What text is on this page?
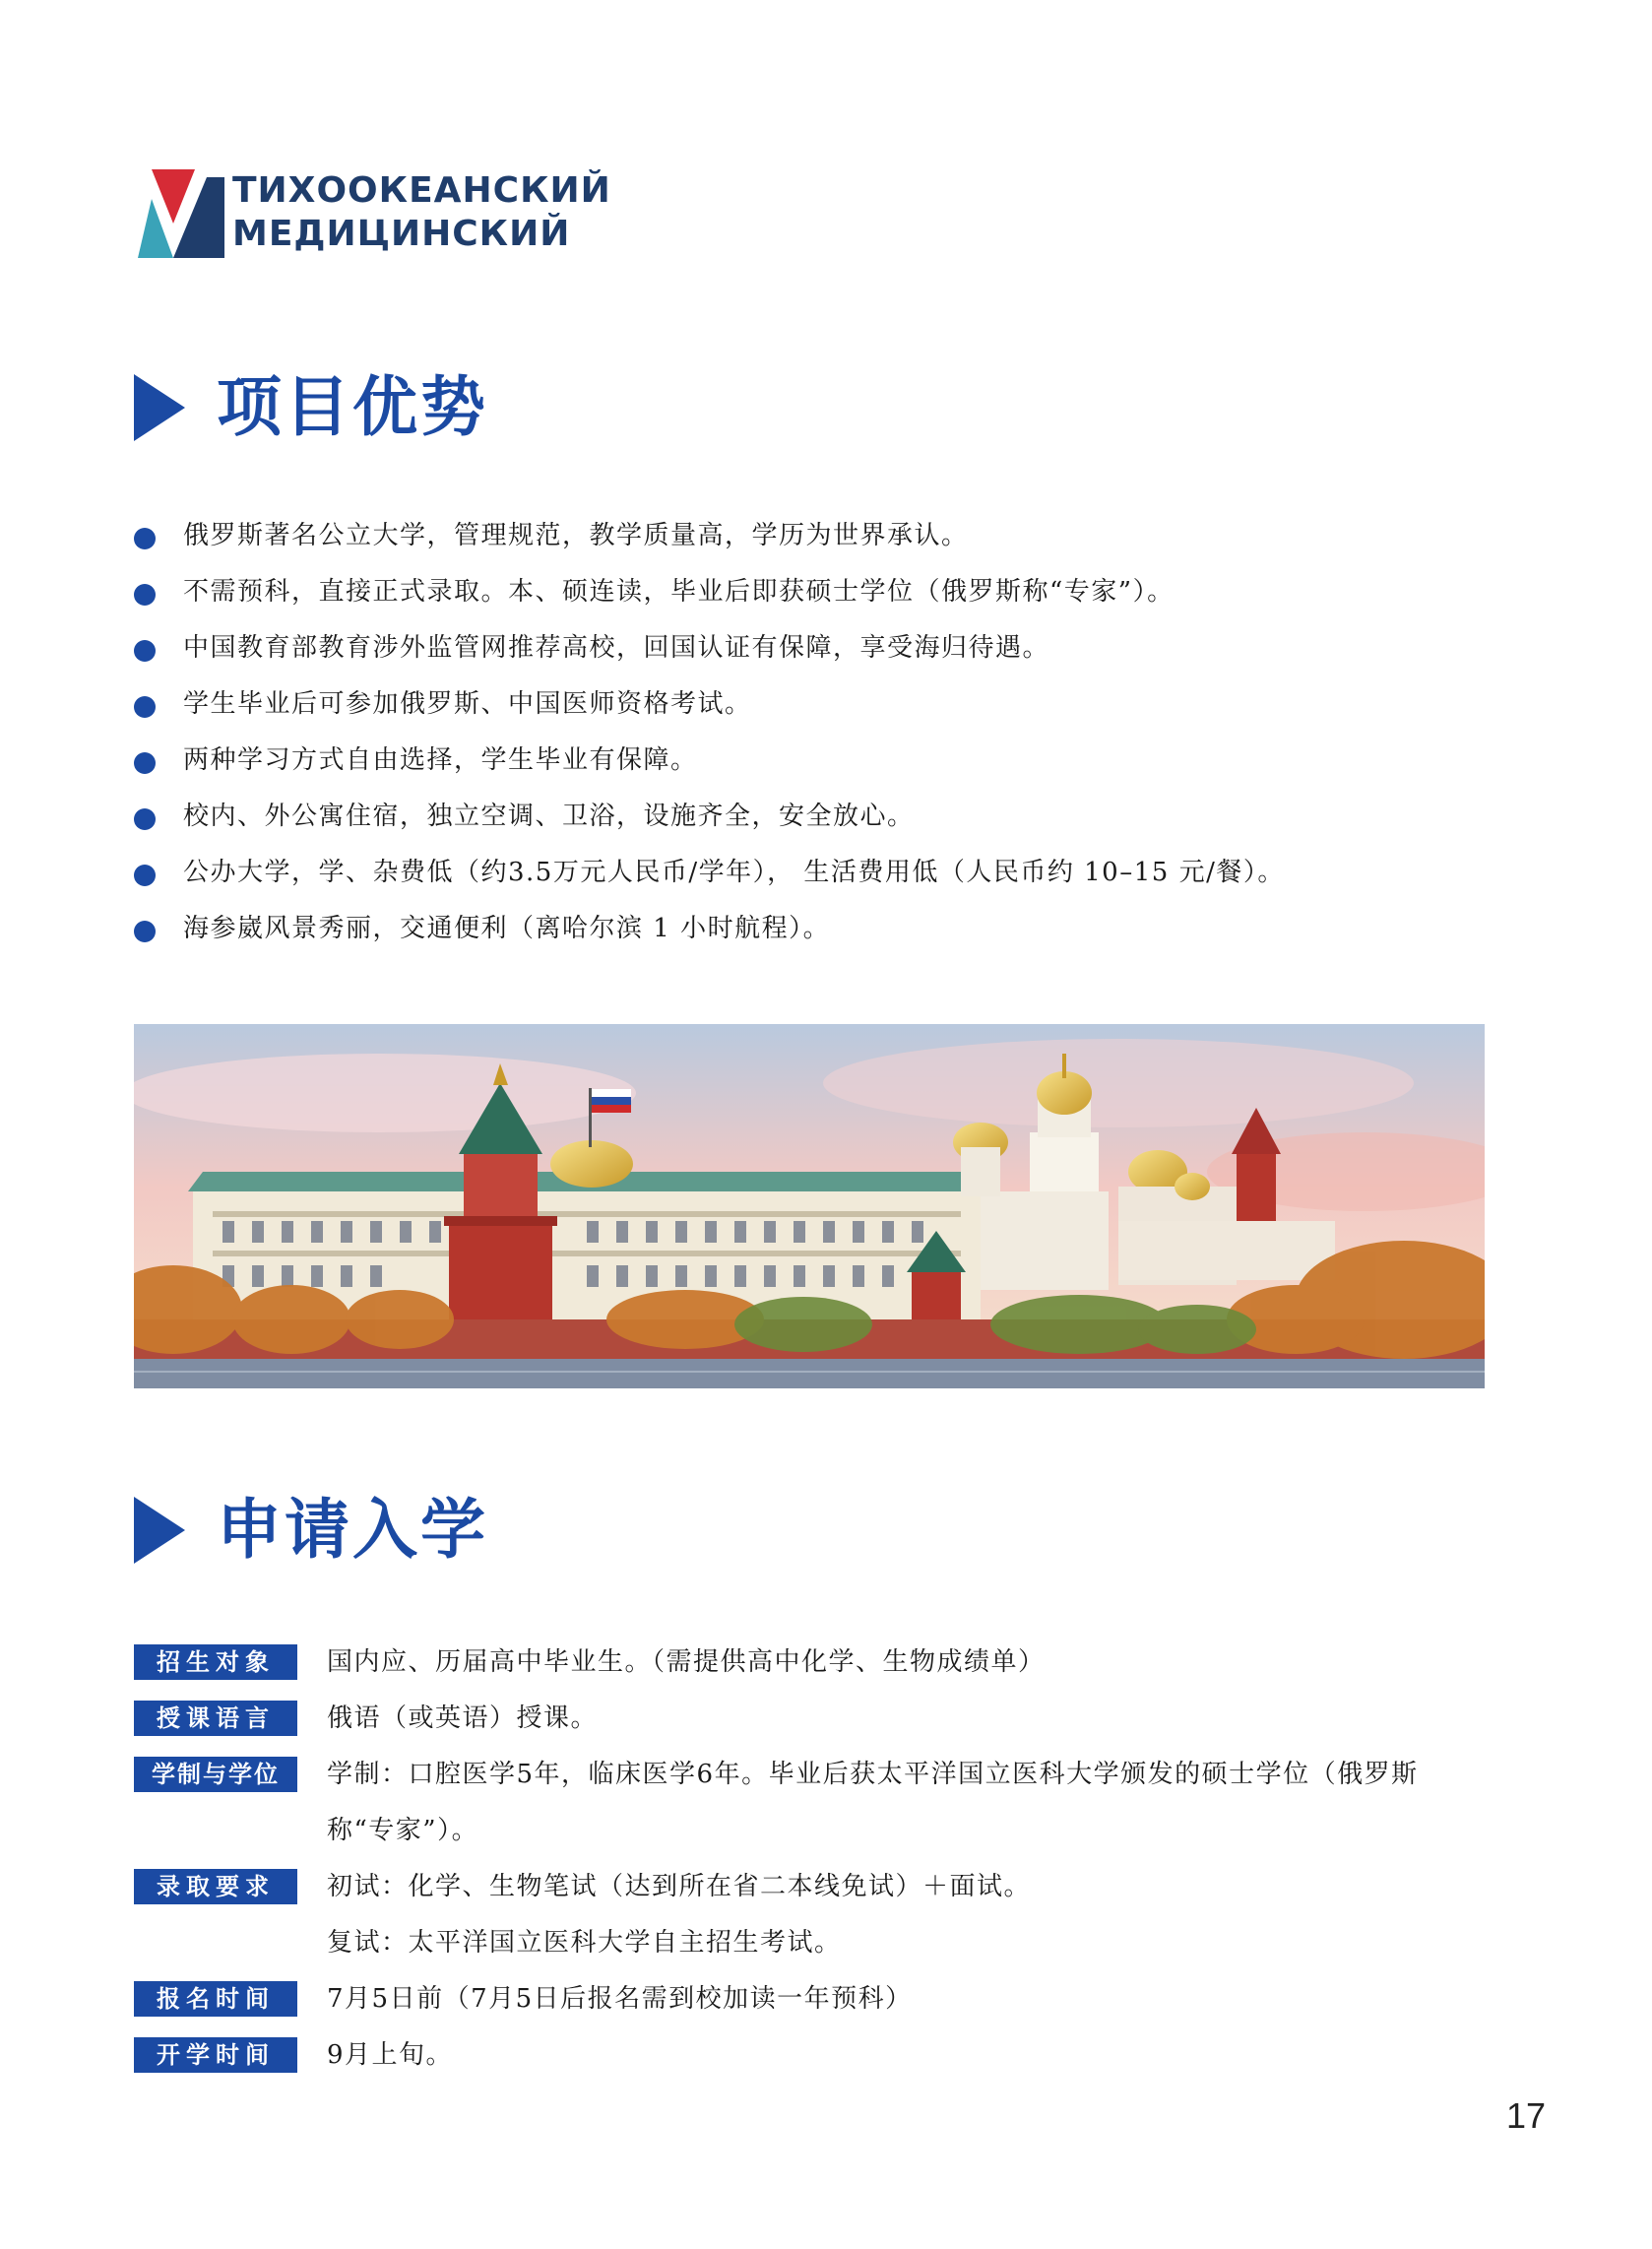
ТИХООКЕАНСКИЙ
МЕДИЦИНСКИЙ
项目优势
俄罗斯著名公立大学，管理规范，教学质量高，学历为世界承认。
不需预科，直接正式录取。本、硕连读，毕业后即获硕士学位（俄罗斯称“专家”）。
中国教育部教育涉外监管网推荐高校，回国认证有保障，享受海归待遇。
学生毕业后可参加俄罗斯、中国医师资格考试。
两种学习方式自由选择，学生毕业有保障。
校内、外公寓住宿，独立空调、卫浴，设施齐全，安全放心。
公办大学，学、杂费低（约3.5万元人民币/学年）， 生活费用低（人民币约 10–15 元/餐）。
海参崴风景秀丽，交通便利（离哈尔滨 1 小时航程）。
申请入学
招生对象	国内应、历届高中毕业生。（需提供高中化学、生物成绩单）
授课语言	俄语（或英语）授课。
学制与学位	学制：口腔医学5年，临床医学6年。毕业后获太平洋国立医科大学颁发的硕士学位（俄罗斯
称“专家”）。
录取要求	初试：化学、生物笔试（达到所在省二本线免试）＋面试。
复试：太平洋国立医科大学自主招生考试。
报名时间	7月5日前（7月5日后报名需到校加读一年预科）
开学时间	9月上旬。
17
